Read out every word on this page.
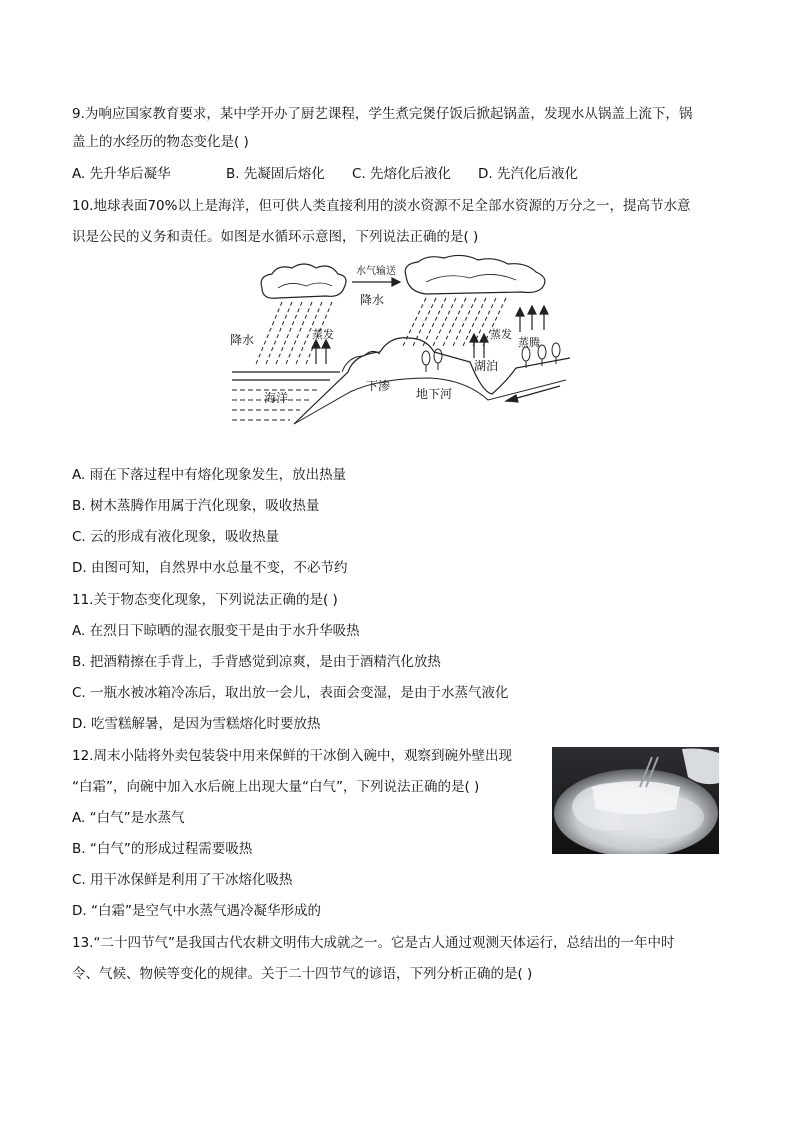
9.为响应国家教育要求，某中学开办了厨艺课程，学生煮完煲仔饭后掀起锅盖，发现水从锅盖上流下，锅
盖上的水经历的物态变化是( )
A. 先升华后凝华	B. 先凝固后熔化 C. 先熔化后液化 D. 先汽化后液化
10.地球表面70%以上是海洋，但可供人类直接利用的淡水资源不足全部水资源的万分之一，提高节水意
识是公民的义务和责任。如图是水循环示意图，下列说法正确的是( )
水气输送
降水
降水	蒸发	蒸发
蒸腾
湖泊
海洋
下渗
地下河
A. 雨在下落过程中有熔化现象发生，放出热量
B. 树木蒸腾作用属于汽化现象，吸收热量
C. 云的形成有液化现象，吸收热量
D. 由图可知，自然界中水总量不变，不必节约
11.关于物态变化现象，下列说法正确的是( )
A. 在烈日下晾晒的湿衣服变干是由于水升华吸热
B. 把酒精擦在手背上，手背感觉到凉爽，是由于酒精汽化放热
C. 一瓶水被冰箱冷冻后，取出放一会儿，表面会变湿，是由于水蒸气液化
D. 吃雪糕解暑，是因为雪糕熔化时要放热
12.周末小陆将外卖包装袋中用来保鲜的干冰倒入碗中，观察到碗外壁出现
“白霜”，向碗中加入水后碗上出现大量“白气”，下列说法正确的是( )
A. “白气”是水蒸气
B. “白气”的形成过程需要吸热
C. 用干冰保鲜是利用了干冰熔化吸热
D. “白霜”是空气中水蒸气遇冷凝华形成的
13.“二十四节气”是我国古代农耕文明伟大成就之一。它是古人通过观测天体运行，总结出的一年中时
令、气候、物候等变化的规律。关于二十四节气的谚语，下列分析正确的是( )
